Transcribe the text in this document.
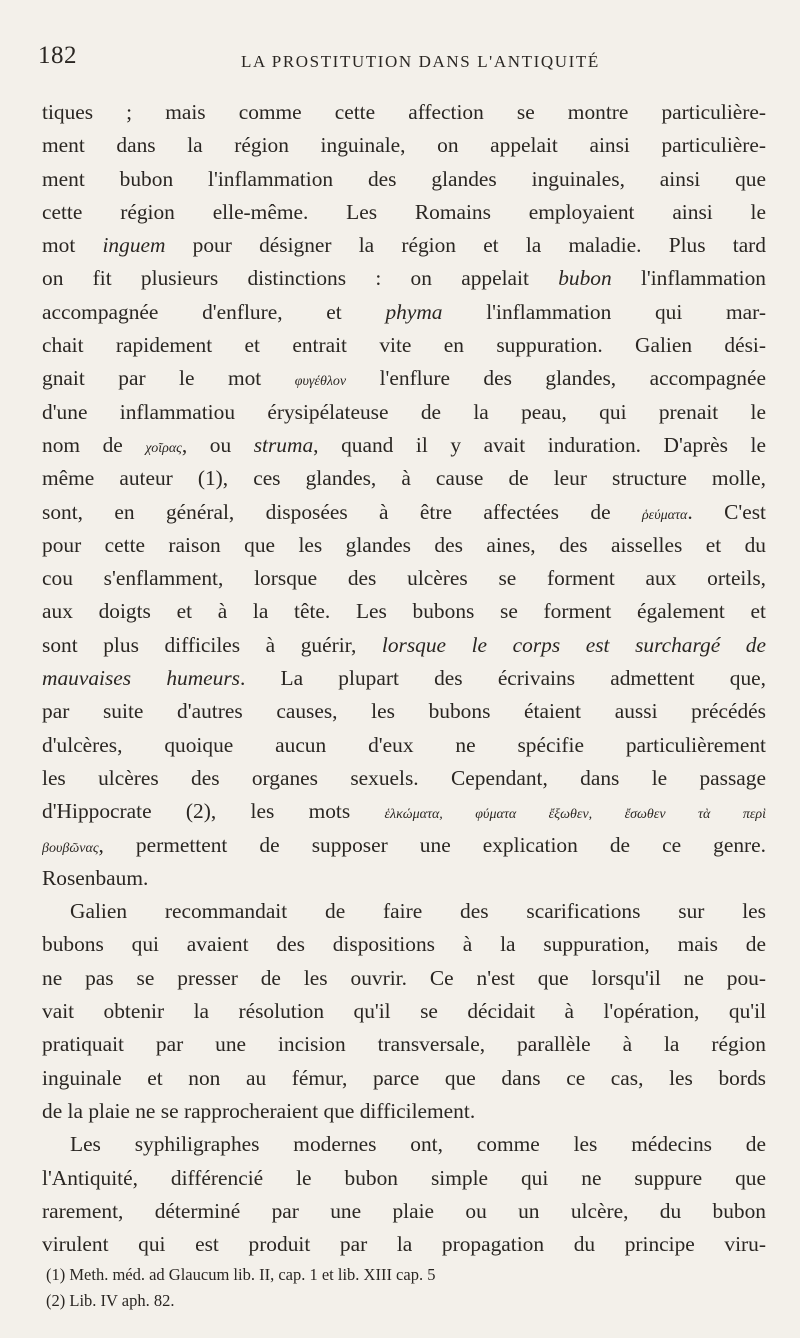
182	LA PROSTITUTION DANS L'ANTIQUITÉ
tiques ; mais comme cette affection se montre particulière-
ment dans la région inguinale, on appelait ainsi particulière-
ment bubon l'inflammation des glandes inguinales, ainsi que
cette région elle-même. Les Romains employaient ainsi le
mot inguem pour désigner la région et la maladie. Plus tard
on fit plusieurs distinctions : on appelait bubon l'inflammation
accompagnée d'enflure, et phyma l'inflammation qui mar-
chait rapidement et entrait vite en suppuration. Galien dési-
gnait par le mot φυγέθλον l'enflure des glandes, accompagnée
d'une inflammatiou érysipélateuse de la peau, qui prenait le
nom de χοῖρας, ou struma, quand il y avait induration. D'après le
même auteur (1), ces glandes, à cause de leur structure molle,
sont, en général, disposées à être affectées de ῥεύματα. C'est
pour cette raison que les glandes des aines, des aisselles et du
cou s'enflamment, lorsque des ulcères se forment aux orteils,
aux doigts et à la tête. Les bubons se forment également et
sont plus difficiles à guérir, lorsque le corps est surchargé de
mauvaises humeurs. La plupart des écrivains admettent que,
par suite d'autres causes, les bubons étaient aussi précédés
d'ulcères, quoique aucun d'eux ne spécifie particulièrement
les ulcères des organes sexuels. Cependant, dans le passage
d'Hippocrate (2), les mots ἑλκώματα, φύματα ἔξωθεν, ἔσωθεν τὰ περὶ
βουβῶνας, permettent de supposer une explication de ce genre.
Rosenbaum.
Galien recommandait de faire des scarifications sur les
bubons qui avaient des dispositions à la suppuration, mais de
ne pas se presser de les ouvrir. Ce n'est que lorsqu'il ne pou-
vait obtenir la résolution qu'il se décidait à l'opération, qu'il
pratiquait par une incision transversale, parallèle à la région
inguinale et non au fémur, parce que dans ce cas, les bords
de la plaie ne se rapprocheraient que difficilement.
Les syphiligraphes modernes ont, comme les médecins de
l'Antiquité, différencié le bubon simple qui ne suppure que
rarement, déterminé par une plaie ou un ulcère, du bubon
virulent qui est produit par la propagation du principe viru-
(1) Meth. méd. ad Glaucum lib. II, cap. 1 et lib. XIII cap. 5
(2) Lib. IV aph. 82.
